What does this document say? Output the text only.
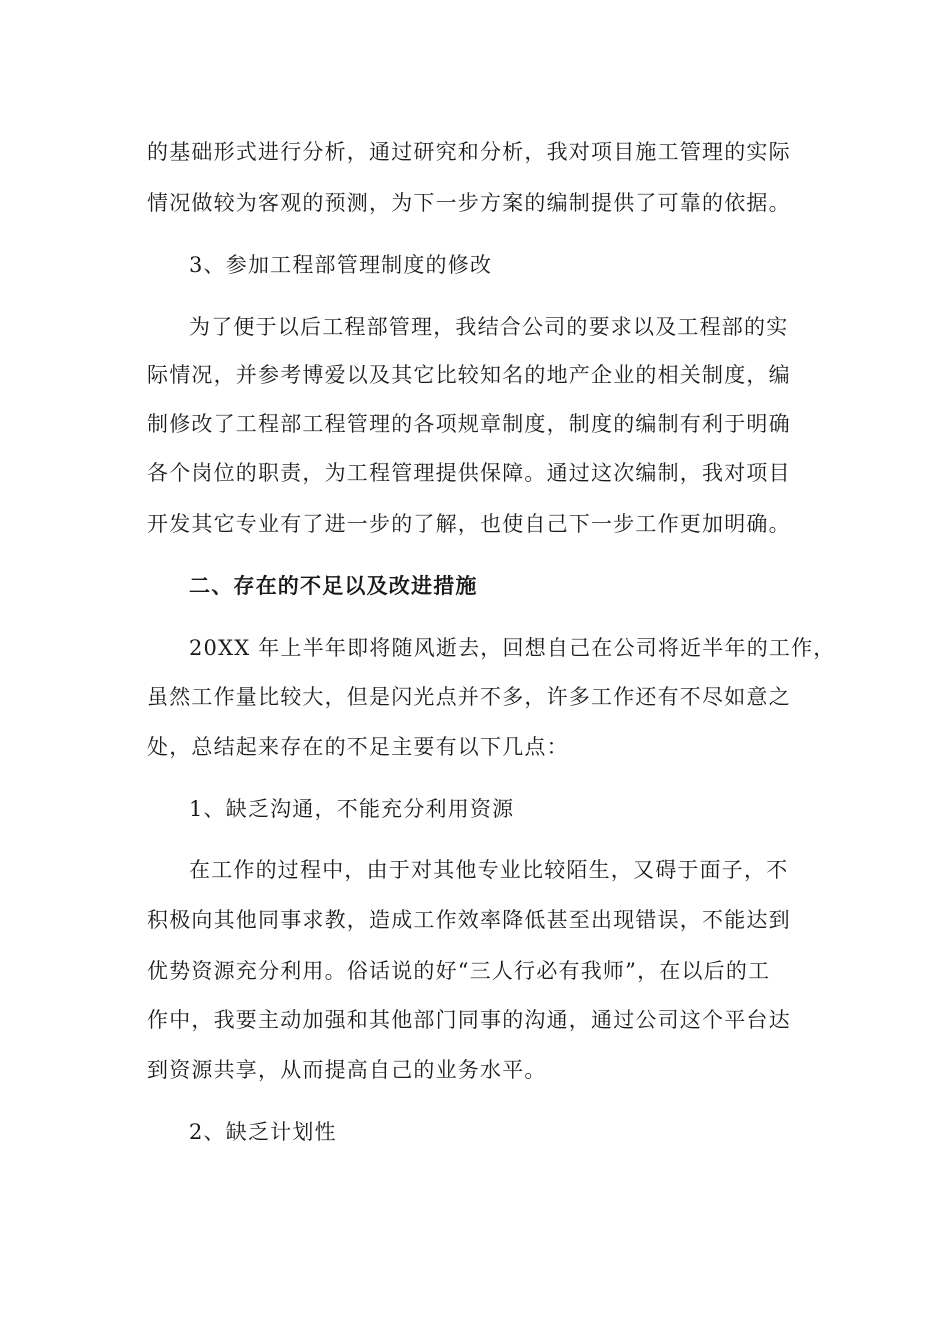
的基础形式进行分析，通过研究和分析，我对项目施工管理的实际
情况做较为客观的预测，为下一步方案的编制提供了可靠的依据。
3、参加工程部管理制度的修改
为了便于以后工程部管理，我结合公司的要求以及工程部的实
际情况，并参考博爱以及其它比较知名的地产企业的相关制度，编
制修改了工程部工程管理的各项规章制度，制度的编制有利于明确
各个岗位的职责，为工程管理提供保障。通过这次编制，我对项目
开发其它专业有了进一步的了解，也使自己下一步工作更加明确。
二、存在的不足以及改进措施
20XX 年上半年即将随风逝去，回想自己在公司将近半年的工作，
虽然工作量比较大，但是闪光点并不多，许多工作还有不尽如意之
处，总结起来存在的不足主要有以下几点：
1、缺乏沟通，不能充分利用资源
在工作的过程中，由于对其他专业比较陌生，又碍于面子，不
积极向其他同事求教，造成工作效率降低甚至出现错误，不能达到
优势资源充分利用。俗话说的好“三人行必有我师”，在以后的工
作中，我要主动加强和其他部门同事的沟通，通过公司这个平台达
到资源共享，从而提高自己的业务水平。
2、缺乏计划性
